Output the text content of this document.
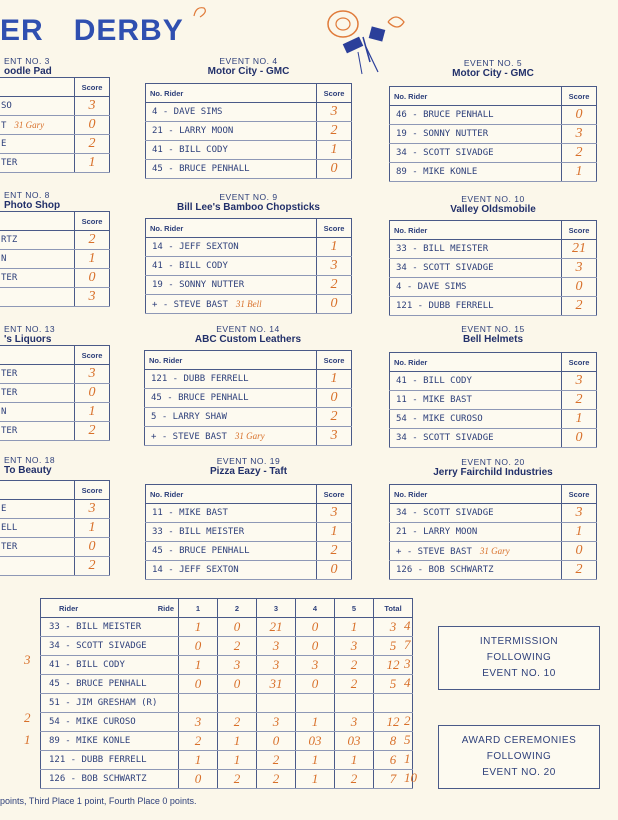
ER DERBY
ENT NO. 3
oodle Pad
	Score
SO	3
T 31 Gary	0
E	2
TER	1
EVENT NO. 4
Motor City - GMC
No. Rider	Score
4 - DAVE SIMS	3
21 - LARRY MOON	2
41 - BILL CODY	1
45 - BRUCE PENHALL	0
EVENT NO. 5
Motor City - GMC
No. Rider	Score
46 - BRUCE PENHALL	0
19 - SONNY NUTTER	3
34 - SCOTT SIVADGE	2
89 - MIKE KONLE	1
ENT NO. 8
Photo Shop
	Score
RTZ	2
N	1
TER	0
	3
EVENT NO. 9
Bill Lee's Bamboo Chopsticks
No. Rider	Score
14 - JEFF SEXTON	1
41 - BILL CODY	3
19 - SONNY NUTTER	2
+ - STEVE BAST 31 Bell	0
EVENT NO. 10
Valley Oldsmobile
No. Rider	Score
33 - BILL MEISTER	21
34 - SCOTT SIVADGE	3
4 - DAVE SIMS	0
121 - DUBB FERRELL	2
ENT NO. 13
's Liquors
	Score
TER	3
TER	0
N	1
TER	2
EVENT NO. 14
ABC Custom Leathers
No. Rider	Score
121 - DUBB FERRELL	1
45 - BRUCE PENHALL	0
5 - LARRY SHAW	2
+ - STEVE BAST 31 Gary	3
EVENT NO. 15
Bell Helmets
No. Rider	Score
41 - BILL CODY	3
11 - MIKE BAST	2
54 - MIKE CUROSO	1
34 - SCOTT SIVADGE	0
ENT NO. 18
To Beauty
	Score
E	3
ELL	1
TER	0
	2
EVENT NO. 19
Pizza Eazy - Taft
No. Rider	Score
11 - MIKE BAST	3
33 - BILL MEISTER	1
45 - BRUCE PENHALL	2
14 - JEFF SEXTON	0
EVENT NO. 20
Jerry Fairchild Industries
No. Rider	Score
34 - SCOTT SIVADGE	3
21 - LARRY MOON	1
+ - STEVE BAST 31 Gary	0
126 - BOB SCHWARTZ	2
Rider Ride	1	2	3	4	5	Total
33 - BILL MEISTER	1	0	21	0	1	3
34 - SCOTT SIVADGE	0	2	3	0	3	5
41 - BILL CODY	1	3	3	3	2	12
45 - BRUCE PENHALL	0	0	31	0	2	5
51 - JIM GRESHAM (R)						
54 - MIKE CUROSO	3	2	3	1	3	12
89 - MIKE KONLE	2	1	0	03	03	8
121 - DUBB FERRELL	1	1	2	1	1	6
126 - BOB SCHWARTZ	0	2	2	1	2	7
4
7
3
4
2
5
1
10
3
2
1
INTERMISSION
FOLLOWING
EVENT NO. 10
AWARD CEREMONIES
FOLLOWING
EVENT NO. 20
points, Third Place 1 point, Fourth Place 0 points.
